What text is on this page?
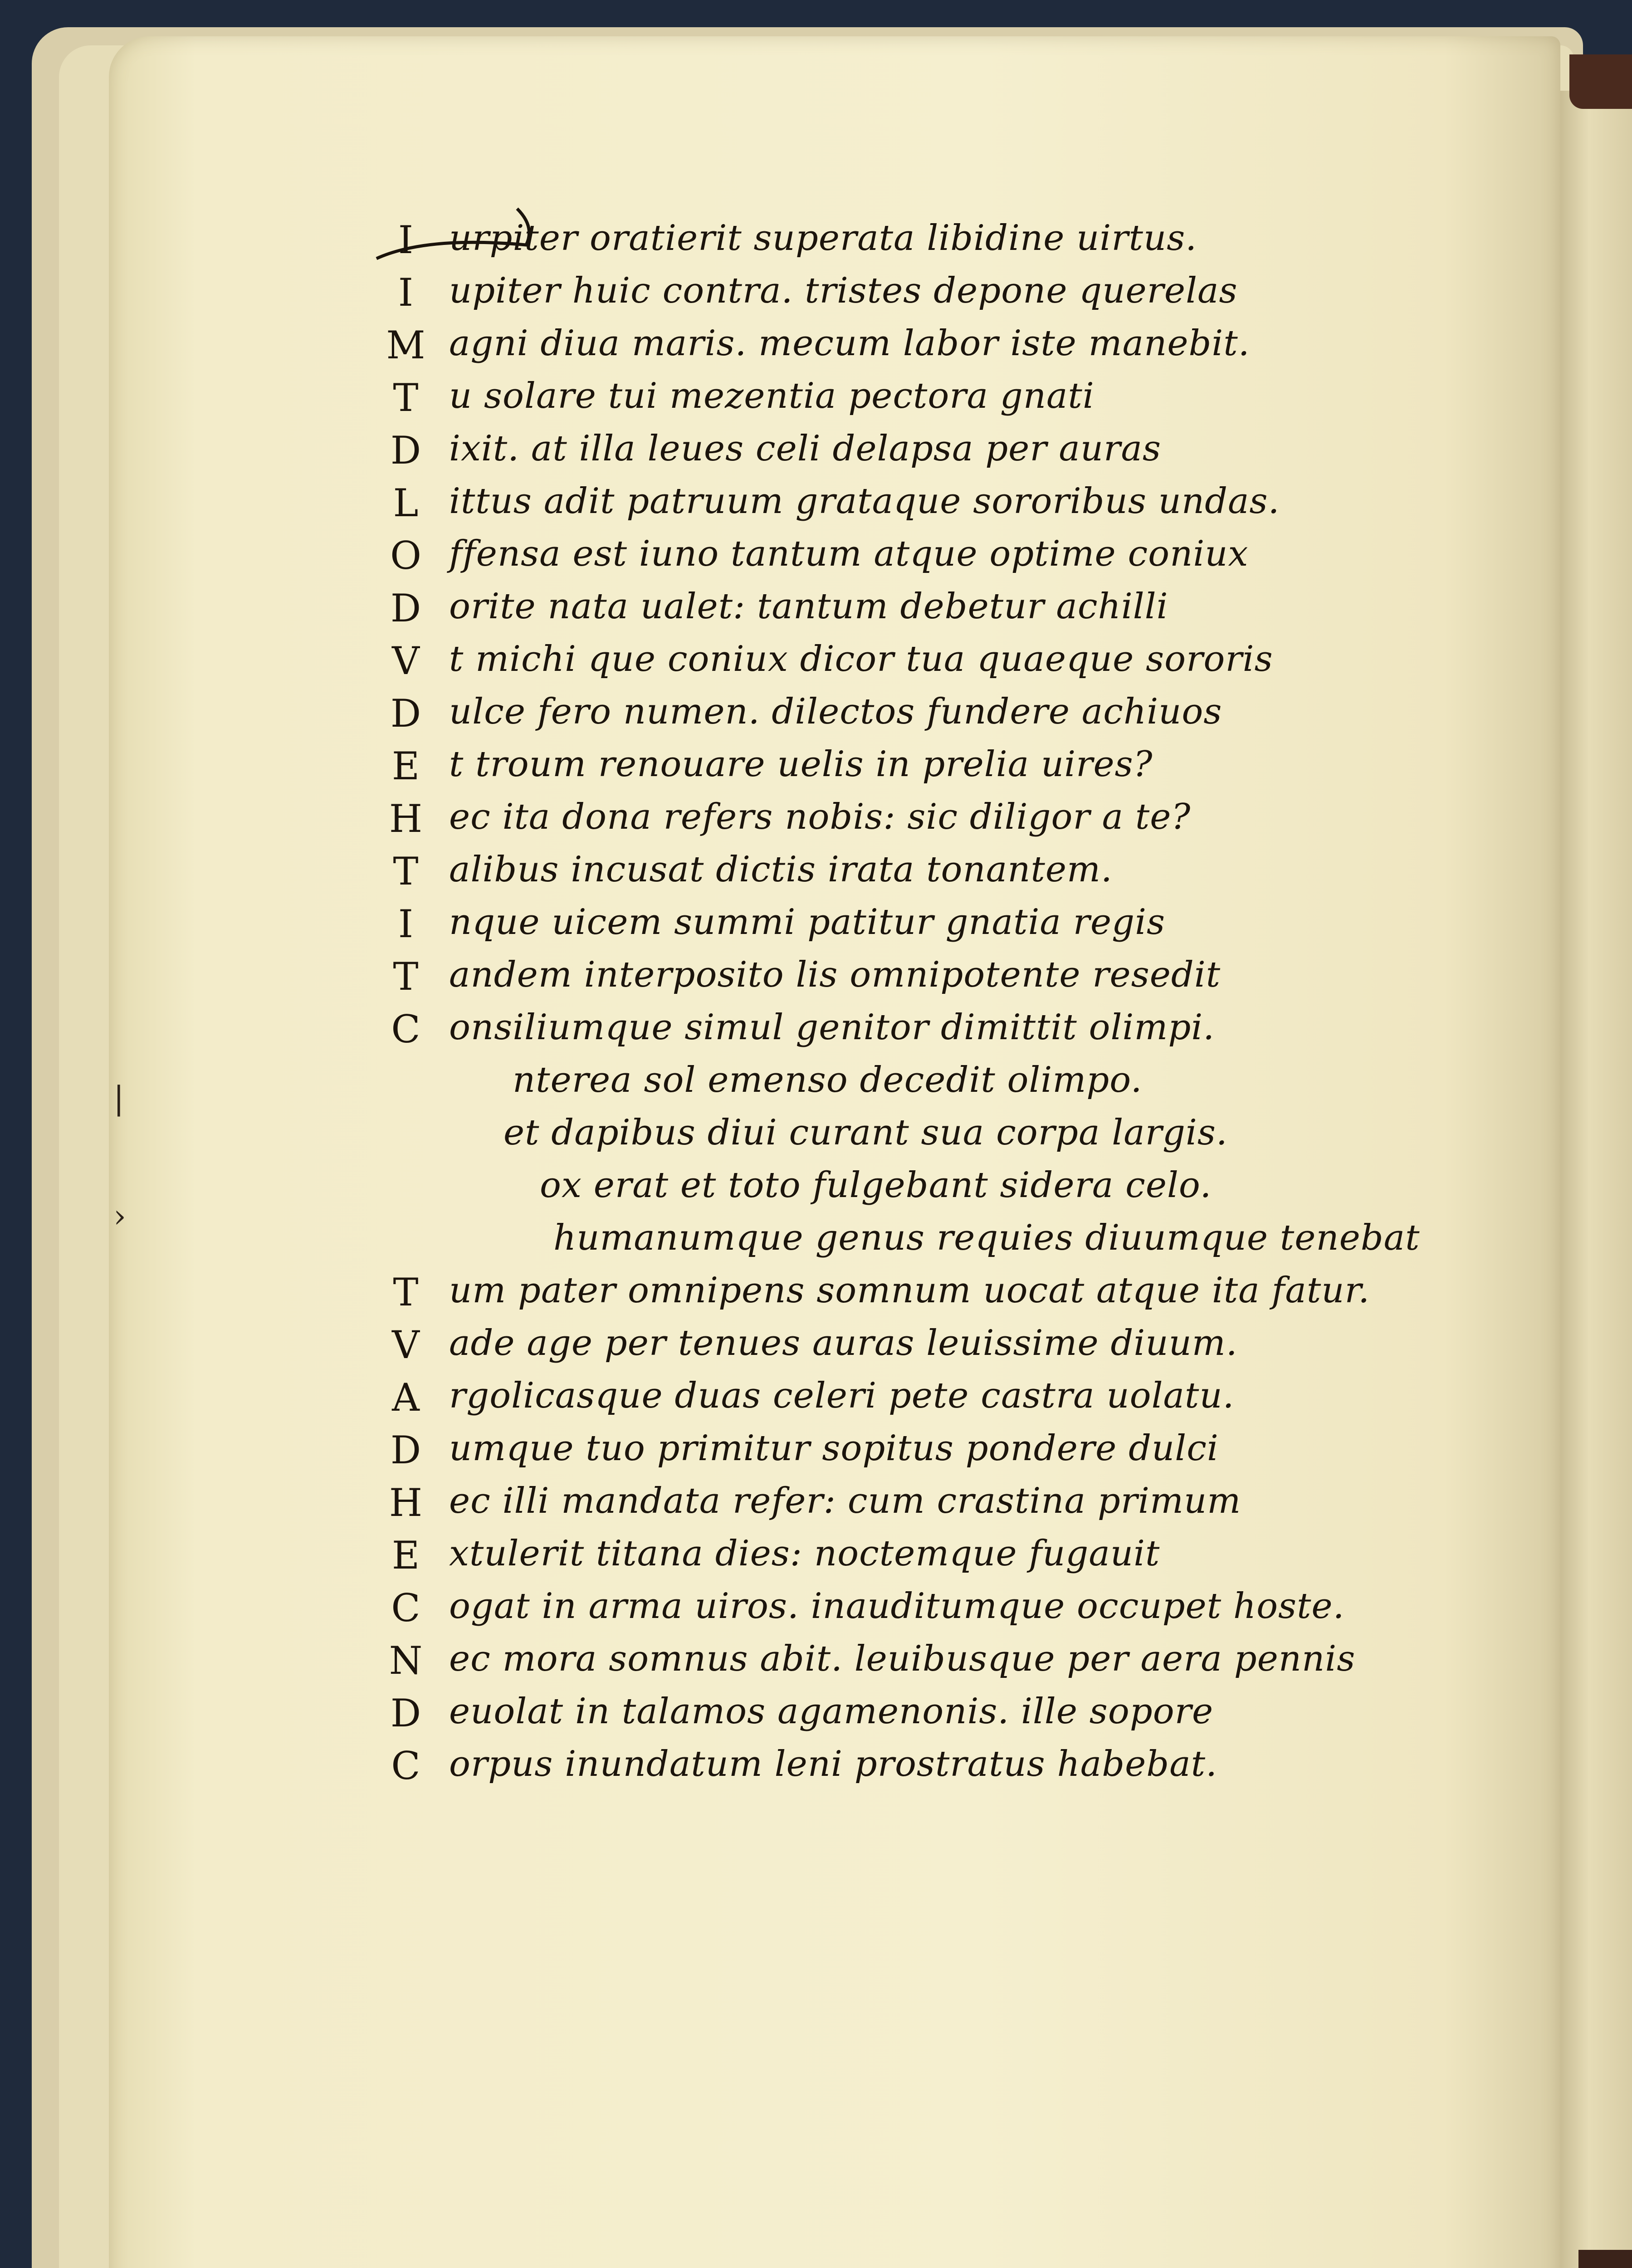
|
›
I urpiter oratierit superata libidine uirtus.
I upiter huic contra. tristes depone querelas
M agni diua maris. mecum labor iste manebit.
T u solare tui mezentia pectora gnati
D ixit. at illa leues celi delapsa per auras
L ittus adit patruum grataque sororibus undas.
O ffensa est iuno tantum atque optime coniux
D orite nata ualet: tantum debetur achilli
V t michi que coniux dicor tua quaeque sororis
D ulce fero numen. dilectos fundere achiuos
E t troum renouare uelis in prelia uires?
H ec ita dona refers nobis: sic diligor a te?
T alibus incusat dictis irata tonantem.
I nque uicem summi patitur gnatia regis
T andem interposito lis omnipotente resedit
C onsiliumque simul genitor dimittit olimpi.
nterea sol emenso decedit olimpo.
et dapibus diui curant sua corpa largis.
ox erat et toto fulgebant sidera celo.
humanumque genus requies diuumque tenebat
T um pater omnipens somnum uocat atque ita fatur.
V ade age per tenues auras leuissime diuum.
A rgolicasque duas celeri pete castra uolatu.
D umque tuo primitur sopitus pondere dulci
H ec illi mandata refer: cum crastina primum
E xtulerit titana dies: noctemque fugauit
C ogat in arma uiros. inauditumque occupet hoste.
N ec mora somnus abit. leuibusque per aera pennis
D euolat in talamos agamenonis. ille sopore
C orpus inundatum leni prostratus habebat.
